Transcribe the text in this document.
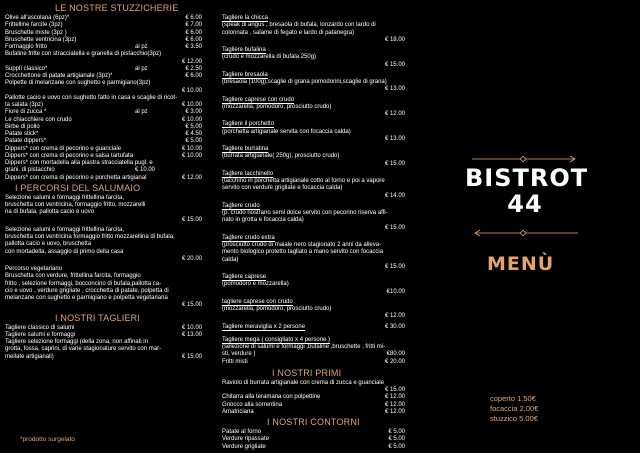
LE NOSTRE STUZZICHERIE
Olive all'ascolana (6pz)*	€ 6.00
Frittelline farcite (3pz)	€ 7.00
Bruschette miste (3pz )	€ 6.00
Bruschette ventricina (3pz)	€ 6.00
Formaggio fritto	al pz	€ 3.50
Bufaline fritte con stracciatella e granella di pistacchio(3pz)
€ 12.00
Supplì classico*	al pz	€ 2.50
Crocchettone di patate artigianale (3pz)*	€ 6.00
Polpette di melanzane con sughetto e parmigiano(3pz)
€ 10.00
Pallotte cacio e uovo con sughetto fatto in casa e scaglie di ricot-
ta salata (3pz)	€ 10.00
Fiore di zucca *	al pz	€ 3.00
Le chiacchiere con crudo	€ 10.00
Birbe di pollo	€ 5.00
Patate stick*	€ 4.50
Patate dippers*	€ 5.00
Dippers* con crema di pecorino e guanciale	€ 10.00
Dippers* con crema di pecorino e salsa tartufata	€ 10.00
Dippers* con mortadella alla piastra stracciatella pugl. e
grani. di pistacchio	€ 10.00
Dippers* con crema di pecorino e porchetta artigianal	€ 12.00
I PERCORSI DEL SALUMAIO
Selezione salumi e formaggi frittellina farcita,
bruschetta con ventricina, formaggio fritto, mozzarelli
na di bufala, pallotta cacio e uovo
€ 15.00
Selezione salumi e formaggi frittellina farcita,
bruschetta con ventricina formaggio fritto mozzarellina di bufala,
pallotta cacio e uovo, bruschetta
con mortadella, assaggio di primo della casa
€ 20.00
Percorso vegetariano
Bruschetta con verdure, frittellina farcita, formaggio
fritto , selezione formaggi, bocconcino di bufala,pallotta ca-
cio e uovo , verdure grigliate , crocchetta di patate, polpetta di
melanzane con sughetto e parmigiano e polpetta vegetariana
€ 15.00
I NOSTRI TAGLIERI
Tagliere classico di salumi	€ 10.00
Tagliere salumi e formaggi	€ 13.00
Tagliere selezione formaggi (della zona, non affinati in
grotta, fossa, caprini, di varie stagionature servito con mar-
mellate artigianali)	€ 15.00
*prodotto surgelato
Tagliere la chicca
(speak di angus , bresaola di bufala, lonzardo con lardo di
colonnata , salame di fegato e lardo di patanegra)
€ 18.00
Tagliere bufalina
(crudo e mozzarella di bufala 250g)
€ 15.00
Tagliere bresaola
(bresaola (100g),scaglie di grana pomodorini,scaglie di grana)
€ 13.00
Tagliere caprese con crudo
(mozzarella, pomodoro, prosciutto crudo)
€ 12.00
Tagliere il porchetto
(porchetta artigianale servita con focaccia calda)
€ 13.00
Tagliere burratina
(burrata artigianale( 250g), prosciutto crudo)
€ 15.00
Tagliere tacchinello
(tacchino in porchetta artigianale cotto al forno e poi a vapore
servito con verdure grigliate e focaccia calda)
€ 14.00
Tagliere crudo
(p. crudo nostrano semi dolce servito con pecorino riserva affi-
nato in grotta e focaccia calda)
€ 15.00
Tagliere crudo extra
(prosciutto crudo di maiale nero stagionato 2 anni da alleva-
mento biologico protetto tagliato a mano servito con focaccia
calda)
€ 15.00
Tagliere caprese
(pomodoro e mozzarella)
€10.00
tagliere caprese con crudo
(mozzarella, pomodoro, prosciutto crudo)
€ 12.00
Tagliere meraviglia x 2 persone	€ 30.00
Tagliere mega ( consigliato x 4 persone )
(selezione di salumi e formaggi ,bufaline ,bruschette , fritti mi-
sti, verdure )	€80.00
Fritti misti	€ 20.00
I NOSTRI PRIMI
Raviolo di burrata artigianale con crema di zucca e guanciale
€ 15.00
Chitarra alla teramana con polpettine	€ 12.00
Gnocco alla sorrentina	€ 12.00
Amatriciana	€ 12.00
I NOSTRI CONTORNI
Patate al forno	€ 5.00
Verdure ripassate	€ 5.00
Verdure grigliate	€ 5.00
BISTROT
44
MENÙ
coperto 1.50€
focaccia 2.00€
stuzzico 5.00€
